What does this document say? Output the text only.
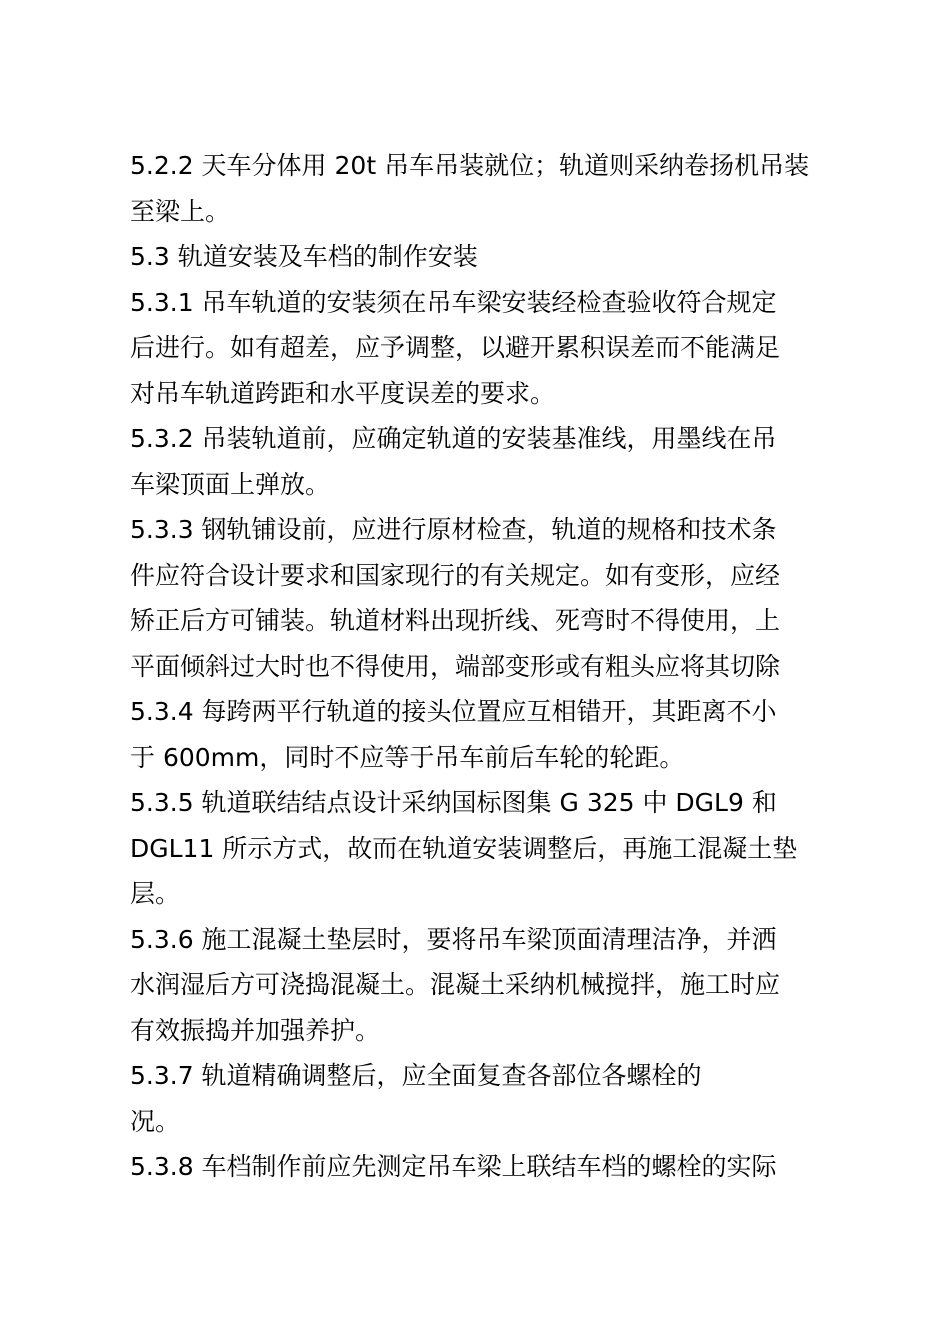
5.2.2 天车分体用 20t 吊车吊装就位；轨道则采纳卷扬机吊装
至梁上。
5.3 轨道安装及车档的制作安装
5.3.1 吊车轨道的安装须在吊车梁安装经检查验收符合规定
后进行。如有超差，应予调整，以避开累积误差而不能满足
对吊车轨道跨距和水平度误差的要求。
5.3.2 吊装轨道前，应确定轨道的安装基准线，用墨线在吊
车梁顶面上弹放。
5.3.3 钢轨铺设前，应进行原材检查，轨道的规格和技术条
件应符合设计要求和国家现行的有关规定。如有变形，应经
矫正后方可铺装。轨道材料出现折线、死弯时不得使用，上
平面倾斜过大时也不得使用，端部变形或有粗头应将其切除
5.3.4 每跨两平行轨道的接头位置应互相错开，其距离不小
于 600mm，同时不应等于吊车前后车轮的轮距。
5.3.5 轨道联结结点设计采纳国标图集 G 325 中 DGL9 和
DGL11 所示方式，故而在轨道安装调整后，再施工混凝土垫
层。
5.3.6 施工混凝土垫层时，要将吊车梁顶面清理洁净，并洒
水润湿后方可浇捣混凝土。混凝土采纳机械搅拌，施工时应
有效振捣并加强养护。
5.3.7 轨道精确调整后，应全面复查各部位各螺栓的
况。
5.3.8 车档制作前应先测定吊车梁上联结车档的螺栓的实际
